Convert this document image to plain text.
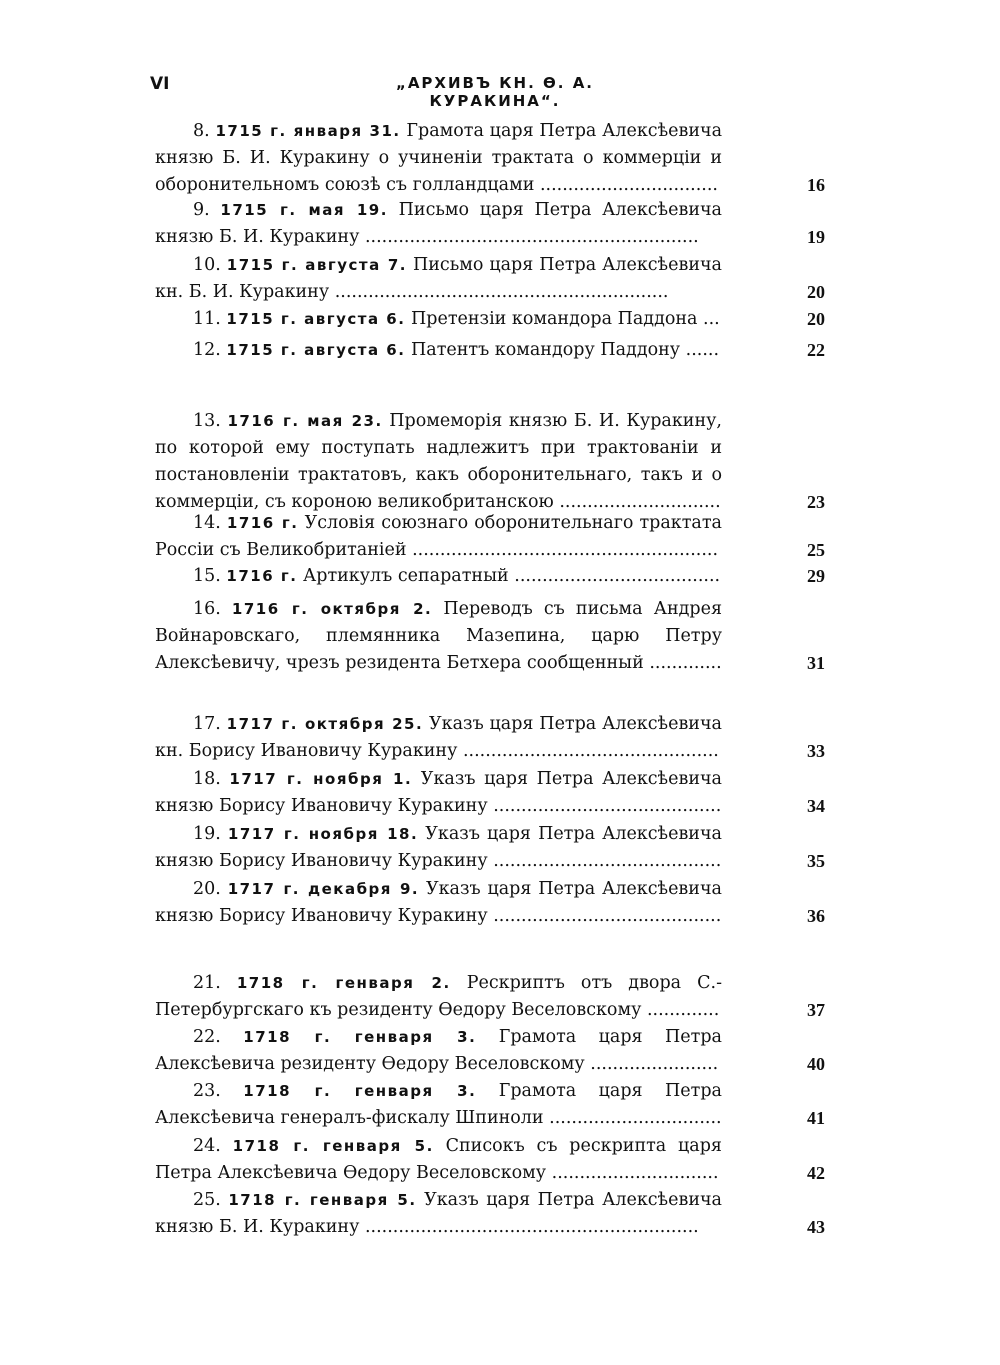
VI	„АРХИВЪ КН. Ѳ. А. КУРАКИНА“.
8. 1715 г. января 31. Грамота царя Петра Алексѣевича князю Б. И. Куракину о учиненіи трактата о коммерціи и оборонительномъ союзѣ съ голландцами ................................	16
9. 1715 г. мая 19. Письмо царя Петра Алексѣевича князю Б. И. Куракину ............................................................	19
10. 1715 г. августа 7. Письмо царя Петра Алексѣевича кн. Б. И. Куракину ............................................................	20
11. 1715 г. августа 6. Претензіи командора Паддона ...	20
12. 1715 г. августа 6. Патентъ командору Паддону ......	22
13. 1716 г. мая 23. Промеморія князю Б. И. Куракину, по которой ему поступать надлежитъ при трактованіи и постановленіи трактатовъ, какъ оборонительнаго, такъ и о коммерціи, съ короною великобританскою .............................	23
14. 1716 г. Условія союзнаго оборонительнаго трактата Россіи съ Великобританіей .......................................................	25
15. 1716 г. Артикулъ сепаратный .....................................	29
16. 1716 г. октября 2. Переводъ съ письма Андрея Войнаровскаго, племянника Мазепина, царю Петру Алексѣевичу, чрезъ резидента Бетхера сообщенный .............	31
17. 1717 г. октября 25. Указъ царя Петра Алексѣевича кн. Борису Ивановичу Куракину ..............................................	33
18. 1717 г. ноября 1. Указъ царя Петра Алексѣевича князю Борису Ивановичу Куракину .........................................	34
19. 1717 г. ноября 18. Указъ царя Петра Алексѣевича князю Борису Ивановичу Куракину .........................................	35
20. 1717 г. декабря 9. Указъ царя Петра Алексѣевича князю Борису Ивановичу Куракину .........................................	36
21. 1718 г. генваря 2. Рескриптъ отъ двора С.-Петербургскаго къ резиденту Ѳедору Веселовскому .............	37
22. 1718 г. генваря 3. Грамота царя Петра Алексѣевича резиденту Ѳедору Веселовскому .......................	40
23. 1718 г. генваря 3. Грамота царя Петра Алексѣевича генералъ-фискалу Шпиноли ...............................	41
24. 1718 г. генваря 5. Списокъ съ рескрипта царя Петра Алексѣевича Ѳедору Веселовскому ..............................	42
25. 1718 г. генваря 5. Указъ царя Петра Алексѣевича князю Б. И. Куракину ............................................................	43
